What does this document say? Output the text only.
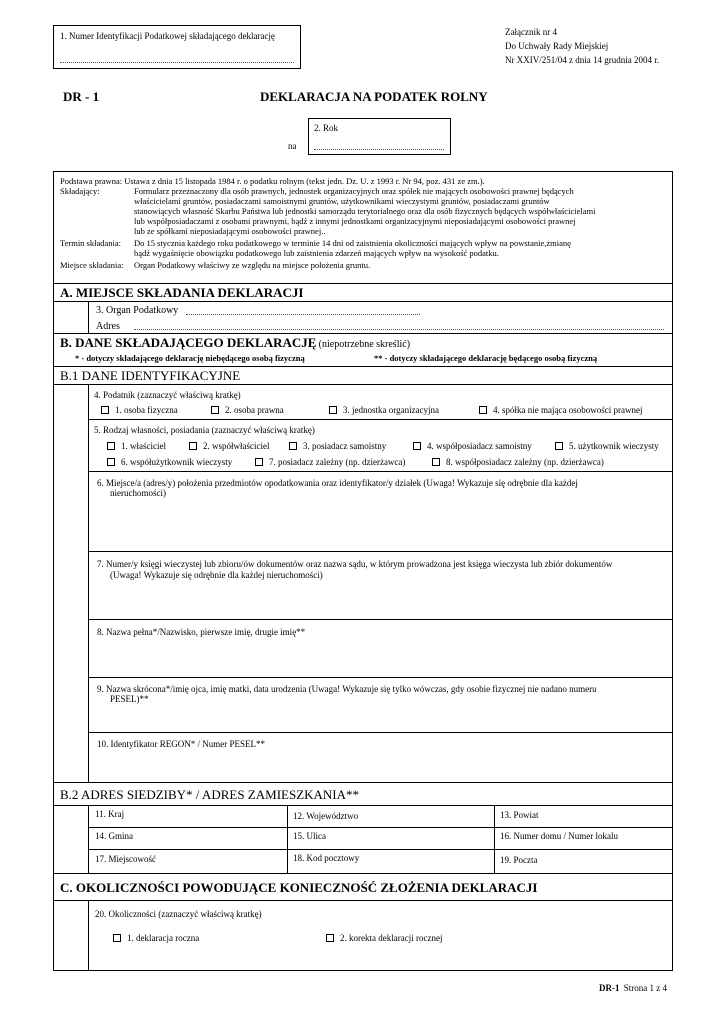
1. Numer Identyfikacji Podatkowej składającego deklarację	Załącznik nr 4
Do Uchwały Rady Miejskiej
Nr XXIV/251/04 z dnia 14 grudnia 2004 r.
DR - 1	DEKLARACJA NA PODATEK ROLNY
na
2. Rok
Podstawa prawna: Ustawa z dnia 15 listopada 1984 r. o podatku rolnym (tekst jedn. Dz. U. z 1993 r. Nr 94, poz. 431 ze zm.).
Składający:	Formularz przeznaczony dla osób prawnych, jednostek organizacyjnych oraz spółek nie mających osobowości prawnej będących
właścicielami gruntów, posiadaczami samoistnymi gruntów, użytkownikami wieczystymi gruntów, posiadaczami gruntów
stanowiących własność Skarbu Państwa lub jednostki samorządu terytorialnego oraz dla osób fizycznych będących współwłaścicielami
lub współposiadaczami z osobami prawnymi, bądź z innymi jednostkami organizacyjnymi nieposiadającymi osobowości prawnej
lub ze spółkami nieposiadającymi osobowości prawnej..
Termin składania: Do 15 stycznia każdego roku podatkowego w terminie 14 dni od zaistnienia okoliczności mających wpływ na powstanie,zmianę
bądź wygaśnięcie obowiązku podatkowego lub zaistnienia zdarzeń mających wpływ na wysokość podatku.
Miejsce składania: Organ Podatkowy właściwy ze względu na miejsce położenia gruntu.
A. MIEJSCE SKŁADANIA DEKLARACJI
3. Organ Podatkowy
Adres
B. DANE SKŁADAJĄCEGO DEKLARACJĘ (niepotrzebne skreślić)
* - dotyczy składającego deklarację niebędącego osobą fizyczną	** - dotyczy składającego deklarację będącego osobą fizyczną
B.1 DANE IDENTYFIKACYJNE
4. Podatnik (zaznaczyć właściwą kratkę)
1. osoba fizyczna	2. osoba prawna	3. jednostka organizacyjna	4. spółka nie mająca osobowości prawnej
5. Rodzaj własności, posiadania (zaznaczyć właściwą kratkę)
1. właściciel	2. współwłaściciel	3. posiadacz samoistny	4. współposiadacz samoistny	5. użytkownik wieczysty
6. współużytkownik wieczysty	7. posiadacz zależny (np. dzierżawca)	8. współposiadacz zależny (np. dzierżawca)
6. Miejsce/a (adres/y) położenia przedmiotów opodatkowania oraz identyfikator/y działek (Uwaga! Wykazuje się odrębnie dla każdej
nieruchomości)
7. Numer/y księgi wieczystej lub zbioru/ów dokumentów oraz nazwa sądu, w którym prowadzona jest księga wieczysta lub zbiór dokumentów
(Uwaga! Wykazuje się odrębnie dla każdej nieruchomości)
8. Nazwa pełna*/Nazwisko, pierwsze imię, drugie imię**
9. Nazwa skrócona*/imię ojca, imię matki, data urodzenia (Uwaga! Wykazuje się tylko wówczas, gdy osobie fizycznej nie nadano numeru
PESEL)**
10. Identyfikator REGON* / Numer PESEL**
B.2 ADRES SIEDZIBY* / ADRES ZAMIESZKANIA**
11. Kraj	12. Województwo	13. Powiat
14. Gmina	15. Ulica	16. Numer domu / Numer lokalu
17. Miejscowość	18. Kod pocztowy	19. Poczta
C. OKOLICZNOŚCI POWODUJĄCE KONIECZNOŚĆ ZŁOŻENIA DEKLARACJI
20. Okoliczności (zaznaczyć właściwą kratkę)
1. deklaracja roczna	2. korekta deklaracji rocznej
DR-1 Strona 1 z 4
